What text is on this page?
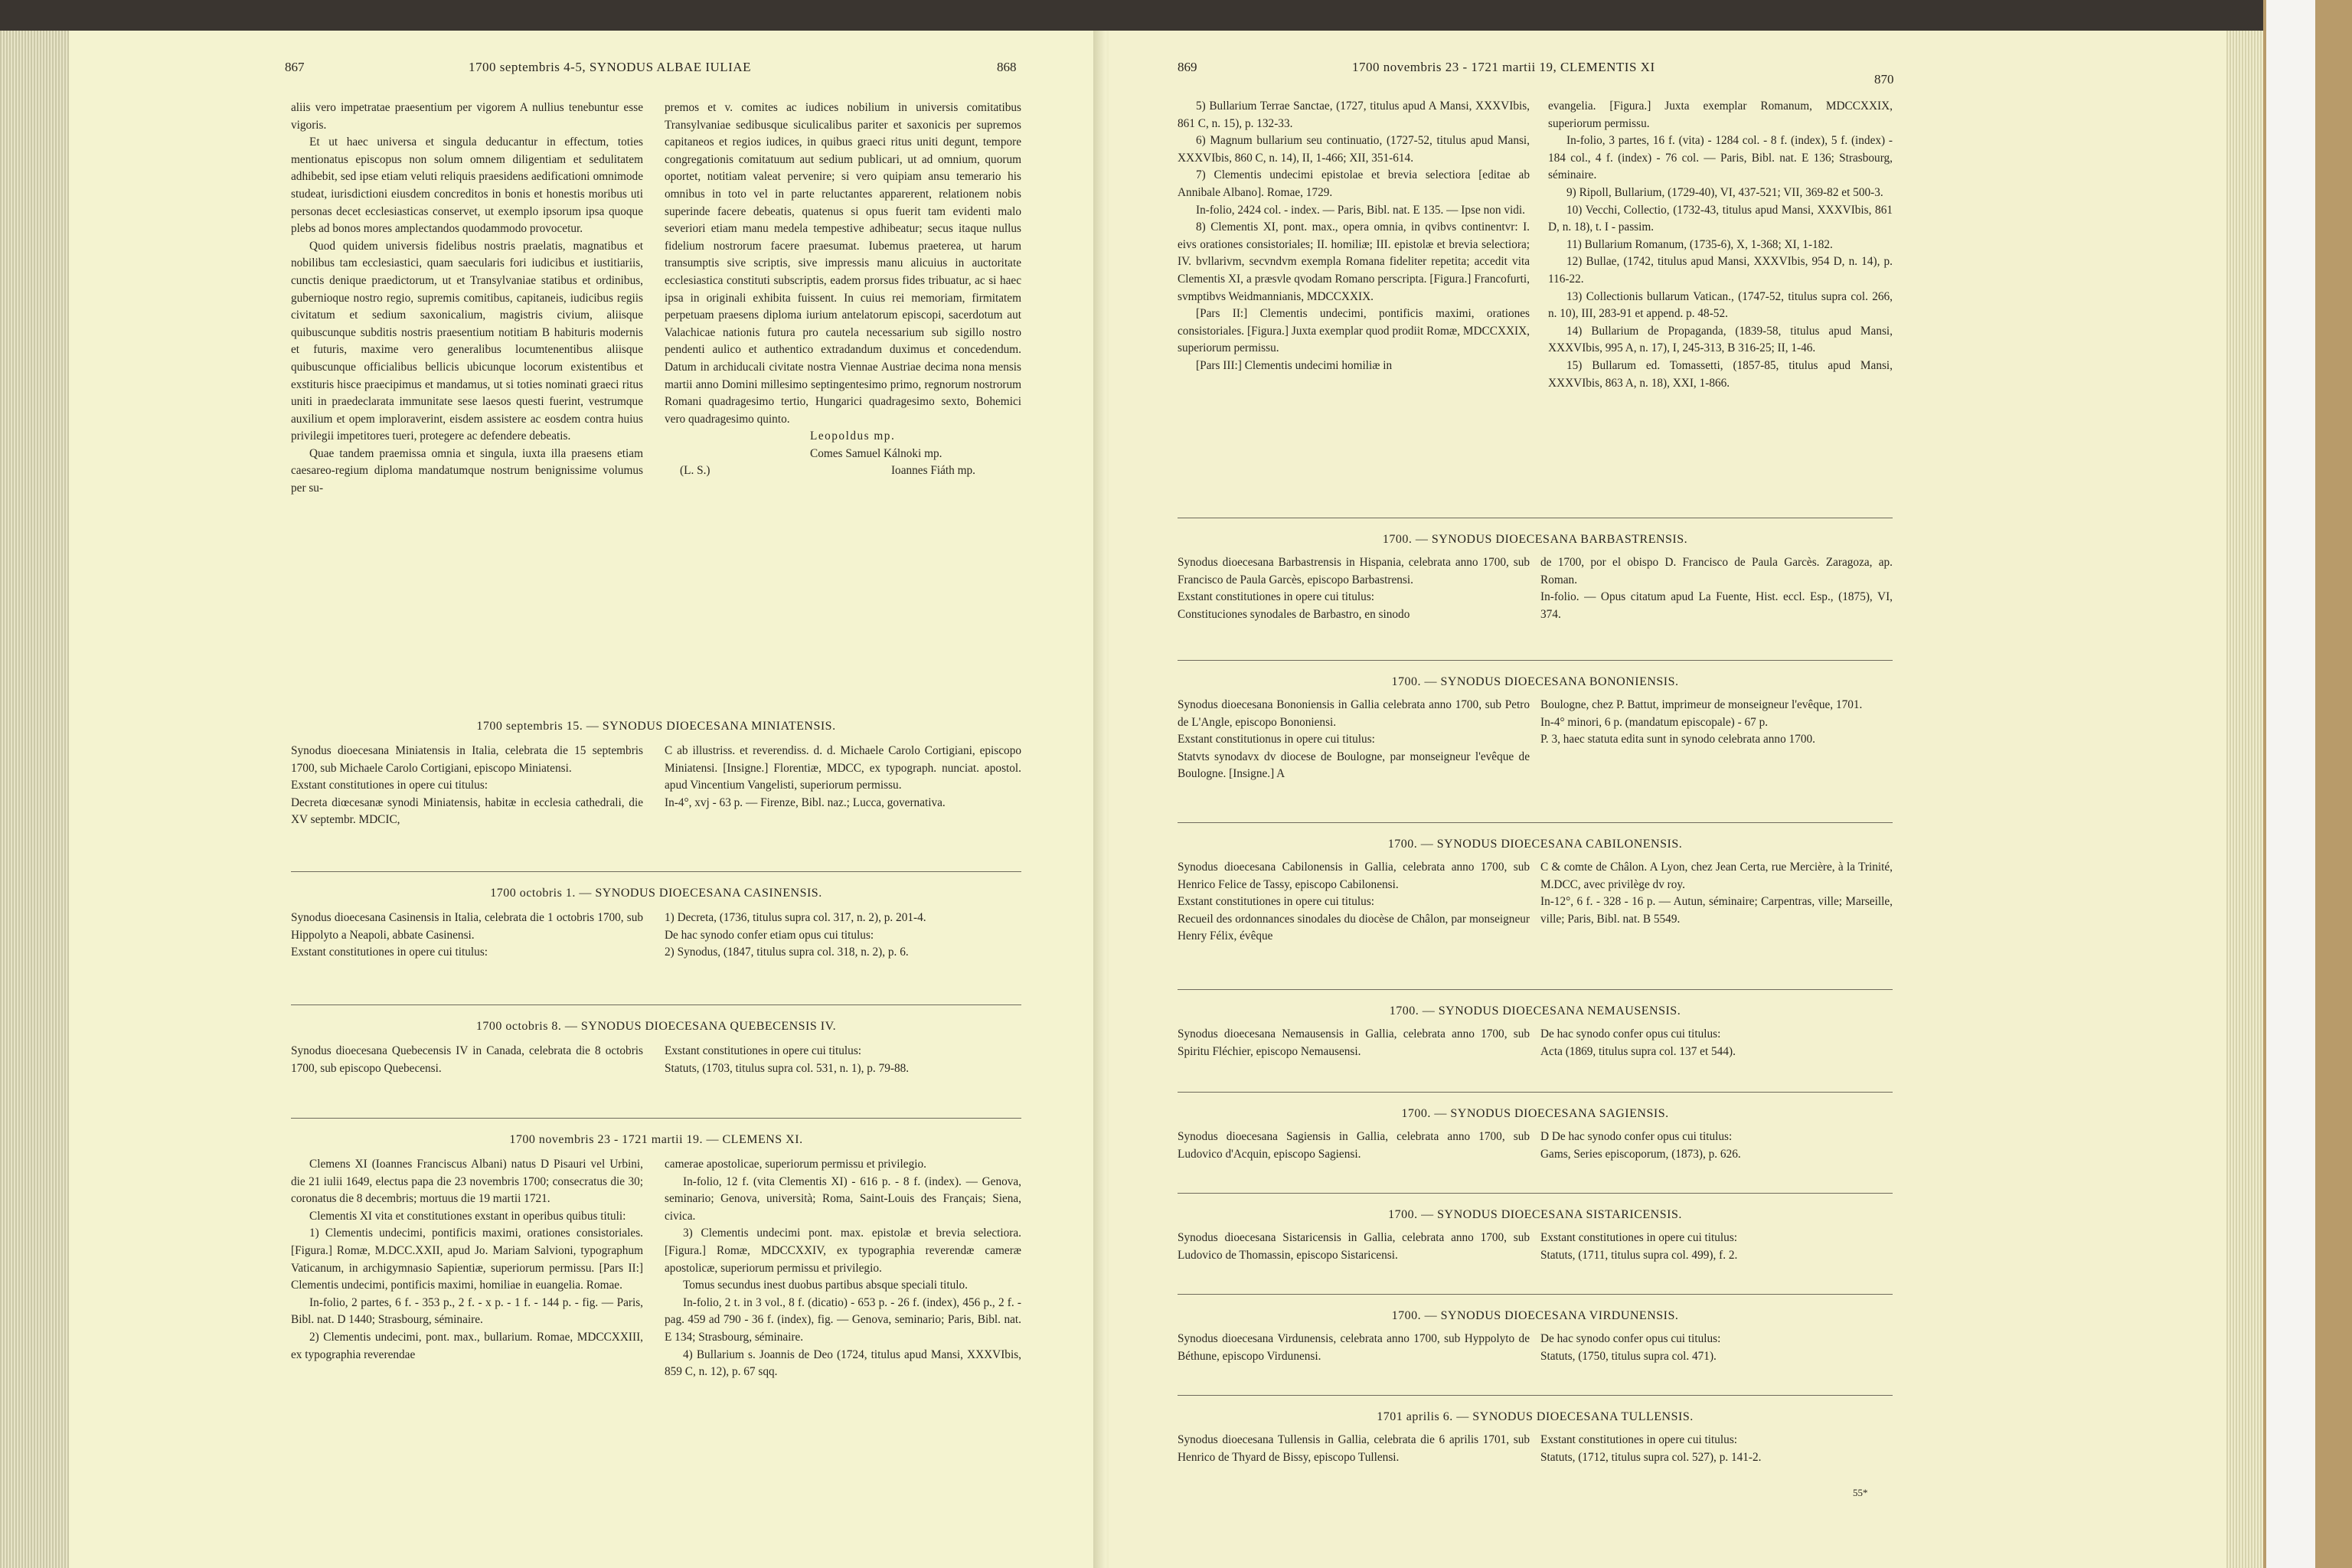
867	1700 septembris 4-5, SYNODUS ALBAE IULIAE	868

aliis vero impetratae praesentium per vigorem A nullius tenebuntur esse vigoris.

Et ut haec universa et singula deducantur in effectum, toties mentionatus episcopus non solum omnem diligentiam et sedulitatem adhibebit, sed ipse etiam veluti reliquis praesidens aedificationi omnimode studeat, iurisdictioni eiusdem concreditos in bonis et honestis moribus uti personas decet ecclesiasticas conservet, ut exemplo ipsorum ipsa quoque plebs ad bonos mores amplectandos quodammodo provocetur.

Quod quidem universis fidelibus nostris praelatis, magnatibus et nobilibus tam ecclesiastici, quam saecularis fori iudicibus et iustitiariis, cunctis denique praedictorum, ut et Transylvaniae statibus et ordinibus, gubernioque nostro regio, supremis comitibus, capitaneis, iudicibus regiis civitatum et sedium saxonicalium, magistris civium, aliisque quibuscunque subditis nostris praesentium notitiam B habituris modernis et futuris, maxime vero generalibus locumtenentibus aliisque quibuscunque officialibus bellicis ubicunque locorum existentibus et exstituris hisce praecipimus et mandamus, ut si toties nominati graeci ritus uniti in praedeclarata immunitate sese laesos questi fuerint, vestrumque auxilium et opem imploraverint, eisdem assistere ac eosdem contra huius privilegii impetitores tueri, protegere ac defendere debeatis.

Quae tandem praemissa omnia et singula, iuxta illa praesens etiam caesareo-regium diploma mandatumque nostrum benignissime volumus per su-

premos et v. comites ac iudices nobilium in universis comitatibus Transylvaniae sedibusque siculicalibus pariter et saxonicis per supremos capitaneos et regios iudices, in quibus graeci ritus uniti degunt, tempore congregationis comitatuum aut sedium publicari, ut ad omnium, quorum oportet, notitiam valeat pervenire; si vero quipiam ansu temerario his omnibus in toto vel in parte reluctantes apparerent, relationem nobis superinde facere debeatis, quatenus si opus fuerit tam evidenti malo severiori etiam manu medela tempestive adhibeatur; secus itaque nullus fidelium nostrorum facere praesumat. Iubemus praeterea, ut harum transumptis sive scriptis, sive impressis manu alicuius in auctoritate ecclesiastica constituti subscriptis, eadem prorsus fides tribuatur, ac si haec ipsa in originali exhibita fuissent. In cuius rei memoriam, firmitatem perpetuam praesens diploma iurium antelatorum episcopi, sacerdotum aut Valachicae nationis futura pro cautela necessarium sub sigillo nostro pendenti aulico et authentico extradandum duximus et concedendum. Datum in archiducali civitate nostra Viennae Austriae decima nona mensis martii anno Domini millesimo septingentesimo primo, regnorum nostrorum Romani quadragesimo tertio, Hungarici quadragesimo sexto, Bohemici vero quadragesimo quinto.

Leopoldus mp.

Comes Samuel Kálnoki mp.

(L. S.)	Ioannes Fiáth mp.

1700 septembris 15. — SYNODUS DIOECESANA MINIATENSIS.
Synodus dioecesana Miniatensis in Italia, celebrata die 15 septembris 1700, sub Michaele Carolo Cortigiani, episcopo Miniatensi.
Exstant constitutiones in opere cui titulus:
Decreta diœcesanæ synodi Miniatensis, habitæ in ecclesia cathedrali, die XV septembr. MDCIC,
C ab illustriss. et reverendiss. d. d. Michaele Carolo Cortigiani, episcopo Miniatensi. [Insigne.] Florentiæ, MDCC, ex typograph. nunciat. apostol. apud Vincentium Vangelisti, superiorum permissu.
In-4°, xvj - 63 p. — Firenze, Bibl. naz.; Lucca, governativa.
1700 octobris 1. — SYNODUS DIOECESANA CASINENSIS.
Synodus dioecesana Casinensis in Italia, celebrata die 1 octobris 1700, sub Hippolyto a Neapoli, abbate Casinensi.
Exstant constitutiones in opere cui titulus:
1) Decreta, (1736, titulus supra col. 317, n. 2), p. 201-4.
De hac synodo confer etiam opus cui titulus:
2) Synodus, (1847, titulus supra col. 318, n. 2), p. 6.
1700 octobris 8. — SYNODUS DIOECESANA QUEBECENSIS IV.
Synodus dioecesana Quebecensis IV in Canada, celebrata die 8 octobris 1700, sub episcopo Quebecensi.
Exstant constitutiones in opere cui titulus:
Statuts, (1703, titulus supra col. 531, n. 1), p. 79-88.
1700 novembris 23 - 1721 martii 19. — CLEMENS XI.

Clemens XI (Ioannes Franciscus Albani) natus D Pisauri vel Urbini, die 21 iulii 1649, electus papa die 23 novembris 1700; consecratus die 30; coronatus die 8 decembris; mortuus die 19 martii 1721.

Clementis XI vita et constitutiones exstant in operibus quibus tituli:

1) Clementis undecimi, pontificis maximi, orationes consistoriales. [Figura.] Romæ, M.DCC.XXII, apud Jo. Mariam Salvioni, typographum Vaticanum, in archigymnasio Sapientiæ, superiorum permissu. [Pars II:] Clementis undecimi, pontificis maximi, homiliae in euangelia. Romae.

In-folio, 2 partes, 6 f. - 353 p., 2 f. - x p. - 1 f. - 144 p. - fig. — Paris, Bibl. nat. D 1440; Strasbourg, séminaire.

2) Clementis undecimi, pont. max., bullarium. Romae, MDCCXXIII, ex typographia reverendae

camerae apostolicae, superiorum permissu et privilegio.

In-folio, 12 f. (vita Clementis XI) - 616 p. - 8 f. (index). — Genova, seminario; Genova, università; Roma, Saint-Louis des Français; Siena, civica.

3) Clementis undecimi pont. max. epistolæ et brevia selectiora. [Figura.] Romæ, MDCCXXIV, ex typographia reverendæ cameræ apostolicæ, superiorum permissu et privilegio.

Tomus secundus inest duobus partibus absque speciali titulo.

In-folio, 2 t. in 3 vol., 8 f. (dicatio) - 653 p. - 26 f. (index), 456 p., 2 f. - pag. 459 ad 790 - 36 f. (index), fig. — Genova, seminario; Paris, Bibl. nat. E 134; Strasbourg, séminaire.

4) Bullarium s. Joannis de Deo (1724, titulus apud Mansi, XXXVIbis, 859 C, n. 12), p. 67 sqq.

869	1700 novembris 23 - 1721 martii 19, CLEMENTIS XI
870

5) Bullarium Terrae Sanctae, (1727, titulus apud A Mansi, XXXVIbis, 861 C, n. 15), p. 132-33.

6) Magnum bullarium seu continuatio, (1727-52, titulus apud Mansi, XXXVIbis, 860 C, n. 14), II, 1-466; XII, 351-614.

7) Clementis undecimi epistolae et brevia selectiora [editae ab Annibale Albano]. Romae, 1729.

In-folio, 2424 col. - index. — Paris, Bibl. nat. E 135. — Ipse non vidi.

8) Clementis XI, pont. max., opera omnia, in qvibvs continentvr: I. eivs orationes consistoriales; II. homiliæ; III. epistolæ et brevia selectiora; IV. bvllarivm, secvndvm exempla Romana fideliter repetita; accedit vita Clementis XI, a præsvle qvodam Romano perscripta. [Figura.] Francofurti, svmptibvs Weidmannianis, MDCCXXIX.

[Pars II:] Clementis undecimi, pontificis maximi, orationes consistoriales. [Figura.] Juxta exemplar quod prodiit Romæ, MDCCXXIX, superiorum permissu.

[Pars III:] Clementis undecimi homiliæ in

evangelia. [Figura.] Juxta exemplar Romanum, MDCCXXIX, superiorum permissu.

In-folio, 3 partes, 16 f. (vita) - 1284 col. - 8 f. (index), 5 f. (index) - 184 col., 4 f. (index) - 76 col. — Paris, Bibl. nat. E 136; Strasbourg, séminaire.

9) Ripoll, Bullarium, (1729-40), VI, 437-521; VII, 369-82 et 500-3.

10) Vecchi, Collectio, (1732-43, titulus apud Mansi, XXXVIbis, 861 D, n. 18), t. I - passim.

11) Bullarium Romanum, (1735-6), X, 1-368; XI, 1-182.

12) Bullae, (1742, titulus apud Mansi, XXXVIbis, 954 D, n. 14), p. 116-22.

13) Collectionis bullarum Vatican., (1747-52, titulus supra col. 266, n. 10), III, 283-91 et append. p. 48-52.

14) Bullarium de Propaganda, (1839-58, titulus apud Mansi, XXXVIbis, 995 A, n. 17), I, 245-313, B 316-25; II, 1-46.

15) Bullarum ed. Tomassetti, (1857-85, titulus apud Mansi, XXXVIbis, 863 A, n. 18), XXI, 1-866.

1700. — SYNODUS DIOECESANA BARBASTRENSIS.
Synodus dioecesana Barbastrensis in Hispania, celebrata anno 1700, sub Francisco de Paula Garcès, episcopo Barbastrensi.
Exstant constitutiones in opere cui titulus:
Constituciones synodales de Barbastro, en sinodo
de 1700, por el obispo D. Francisco de Paula Garcès. Zaragoza, ap. Roman.
In-folio. — Opus citatum apud La Fuente, Hist. eccl. Esp., (1875), VI, 374.
1700. — SYNODUS DIOECESANA BONONIENSIS.
Synodus dioecesana Bononiensis in Gallia celebrata anno 1700, sub Petro de L'Angle, episcopo Bononiensi.
Exstant constitutionus in opere cui titulus:
Statvts synodavx dv diocese de Boulogne, par monseigneur l'evêque de Boulogne. [Insigne.] A
Boulogne, chez P. Battut, imprimeur de monseigneur l'evêque, 1701.
In-4° minori, 6 p. (mandatum episcopale) - 67 p.
P. 3, haec statuta edita sunt in synodo celebrata anno 1700.
1700. — SYNODUS DIOECESANA CABILONENSIS.
Synodus dioecesana Cabilonensis in Gallia, celebrata anno 1700, sub Henrico Felice de Tassy, episcopo Cabilonensi.
Exstant constitutiones in opere cui titulus:
Recueil des ordonnances sinodales du diocèse de Châlon, par monseigneur Henry Félix, évêque
C & comte de Châlon. A Lyon, chez Jean Certa, rue Mercière, à la Trinité, M.DCC, avec privilège dv roy.
In-12°, 6 f. - 328 - 16 p. — Autun, séminaire; Carpentras, ville; Marseille, ville; Paris, Bibl. nat. B 5549.
1700. — SYNODUS DIOECESANA NEMAUSENSIS.
Synodus dioecesana Nemausensis in Gallia, celebrata anno 1700, sub Spiritu Fléchier, episcopo Nemausensi.
De hac synodo confer opus cui titulus:
Acta (1869, titulus supra col. 137 et 544).
1700. — SYNODUS DIOECESANA SAGIENSIS.
Synodus dioecesana Sagiensis in Gallia, celebrata anno 1700, sub Ludovico d'Acquin, episcopo Sagiensi.
D De hac synodo confer opus cui titulus:
Gams, Series episcoporum, (1873), p. 626.
1700. — SYNODUS DIOECESANA SISTARICENSIS.
Synodus dioecesana Sistaricensis in Gallia, celebrata anno 1700, sub Ludovico de Thomassin, episcopo Sistaricensi.
Exstant constitutiones in opere cui titulus:
Statuts, (1711, titulus supra col. 499), f. 2.
1700. — SYNODUS DIOECESANA VIRDUNENSIS.
Synodus dioecesana Virdunensis, celebrata anno 1700, sub Hyppolyto de Béthune, episcopo Virdunensi.
De hac synodo confer opus cui titulus:
Statuts, (1750, titulus supra col. 471).
1701 aprilis 6. — SYNODUS DIOECESANA TULLENSIS.
Synodus dioecesana Tullensis in Gallia, celebrata die 6 aprilis 1701, sub Henrico de Thyard de Bissy, episcopo Tullensi.
Exstant constitutiones in opere cui titulus:
Statuts, (1712, titulus supra col. 527), p. 141-2.
55*
